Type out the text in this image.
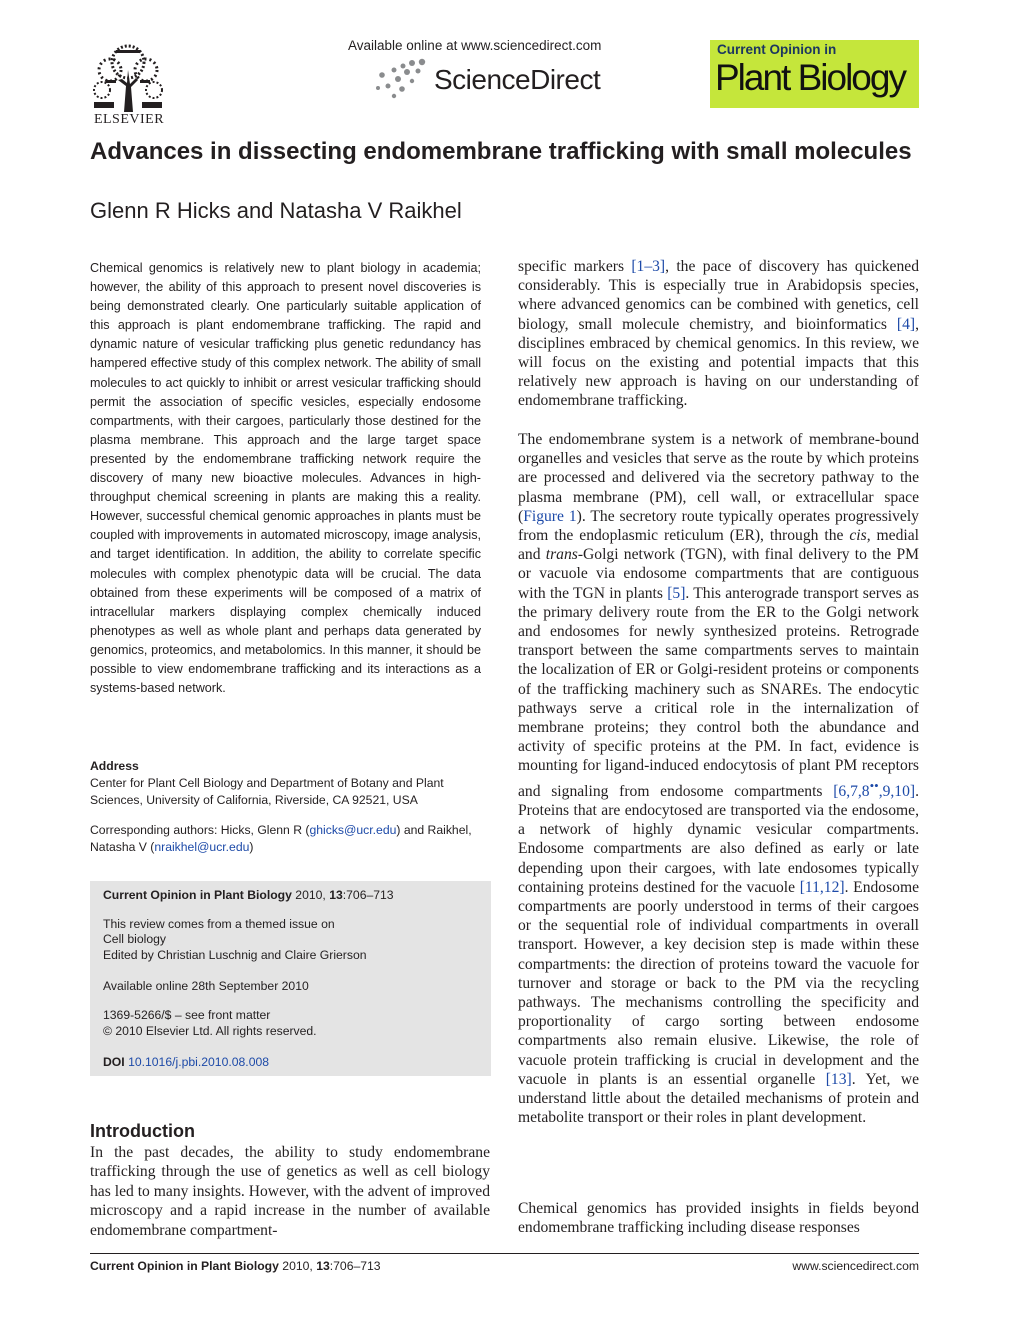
ELSEVIER
Available online at www.sciencedirect.com
ScienceDirect
Current Opinion in
Plant Biology
Advances in dissecting endomembrane trafficking with small molecules
Glenn R Hicks and Natasha V Raikhel
Chemical genomics is relatively new to plant biology in academia; however, the ability of this approach to present novel discoveries is being demonstrated clearly. One particularly suitable application of this approach is plant endomembrane trafficking. The rapid and dynamic nature of vesicular trafficking plus genetic redundancy has hampered effective study of this complex network. The ability of small molecules to act quickly to inhibit or arrest vesicular trafficking should permit the association of specific vesicles, especially endosome compartments, with their cargoes, particularly those destined for the plasma membrane. This approach and the large target space presented by the endomembrane trafficking network require the discovery of many new bioactive molecules. Advances in high-throughput chemical screening in plants are making this a reality. However, successful chemical genomic approaches in plants must be coupled with improvements in automated microscopy, image analysis, and target identification. In addition, the ability to correlate specific molecules with complex phenotypic data will be crucial. The data obtained from these experiments will be composed of a matrix of intracellular markers displaying complex chemically induced phenotypes as well as whole plant and perhaps data generated by genomics, proteomics, and metabolomics. In this manner, it should be possible to view endomembrane trafficking and its interactions as a systems-based network.
Address
Center for Plant Cell Biology and Department of Botany and Plant Sciences, University of California, Riverside, CA 92521, USA
Corresponding authors: Hicks, Glenn R (ghicks@ucr.edu) and Raikhel, Natasha V (nraikhel@ucr.edu)
Current Opinion in Plant Biology 2010, 13:706–713
This review comes from a themed issue on
Cell biology
Edited by Christian Luschnig and Claire Grierson
Available online 28th September 2010
1369-5266/$ – see front matter
© 2010 Elsevier Ltd. All rights reserved.
DOI 10.1016/j.pbi.2010.08.008
Introduction
In the past decades, the ability to study endomembrane trafficking through the use of genetics as well as cell biology has led to many insights. However, with the advent of improved microscopy and a rapid increase in the number of available endomembrane compartment-

specific markers [1–3], the pace of discovery has quickened considerably. This is especially true in Arabidopsis species, where advanced genomics can be combined with genetics, cell biology, small molecule chemistry, and bioinformatics [4], disciplines embraced by chemical genomics. In this review, we will focus on the existing and potential impacts that this relatively new approach is having on our understanding of endomembrane trafficking.

The endomembrane system is a network of membrane-bound organelles and vesicles that serve as the route by which proteins are processed and delivered via the secretory pathway to the plasma membrane (PM), cell wall, or extracellular space (Figure 1). The secretory route typically operates progressively from the endoplasmic reticulum (ER), through the cis, medial and trans-Golgi network (TGN), with final delivery to the PM or vacuole via endosome compartments that are contiguous with the TGN in plants [5]. This anterograde transport serves as the primary delivery route from the ER to the Golgi network and endosomes for newly synthesized proteins. Retrograde transport between the same compartments serves to maintain the localization of ER or Golgi-resident proteins or components of the trafficking machinery such as SNAREs. The endocytic pathways serve a critical role in the internalization of membrane proteins; they control both the abundance and activity of specific proteins at the PM. In fact, evidence is mounting for ligand-induced endocytosis of plant PM receptors and signaling from endosome compartments [6,7,8••,9,10]. Proteins that are endocytosed are transported via the endosome, a network of highly dynamic vesicular compartments. Endosome compartments are also defined as early or late depending upon their cargoes, with late endosomes typically containing proteins destined for the vacuole [11,12]. Endosome compartments are poorly understood in terms of their cargoes or the sequential role of individual compartments in overall transport. However, a key decision step is made within these compartments: the direction of proteins toward the vacuole for turnover and storage or back to the PM via the recycling pathways. The mechanisms controlling the specificity and proportionality of cargo sorting between endosome compartments also remain elusive. Likewise, the role of vacuole protein trafficking is crucial in development and the vacuole in plants is an essential organelle [13]. Yet, we understand little about the detailed mechanisms of protein and metabolite transport or their roles in plant development.

Chemical genomics has provided insights in fields beyond endomembrane trafficking including disease responses

Current Opinion in Plant Biology 2010, 13:706–713	www.sciencedirect.com
